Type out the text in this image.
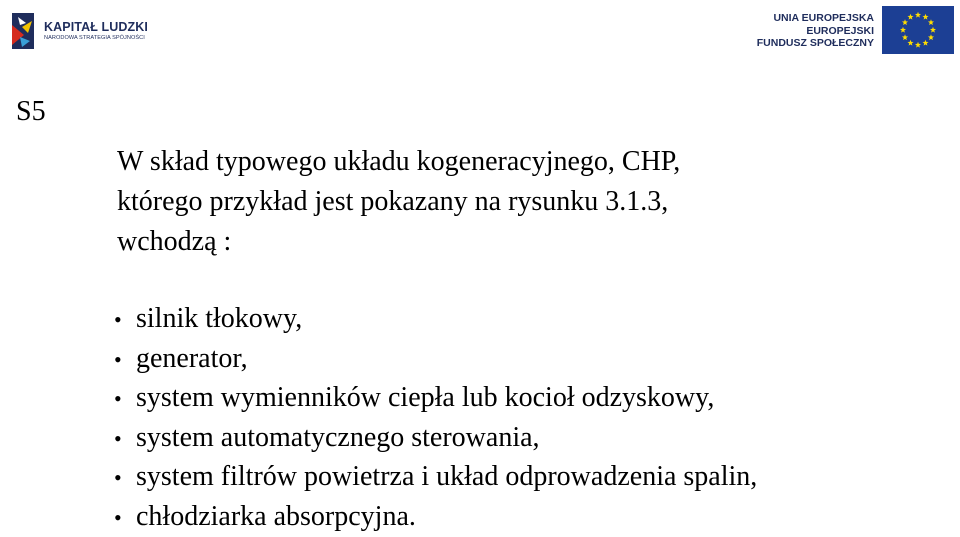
KAPITAŁ LUDZKI
NARODOWA STRATEGIA SPÓJNOŚCI
UNIA EUROPEJSKA
EUROPEJSKI
FUNDUSZ SPOŁECZNY
S5

W skład typowego układu kogeneracyjnego, CHP,
którego przykład jest pokazany na rysunku 3.1.3,
wchodzą :

• silnik tłokowy,
• generator,
• system wymienników ciepła lub kocioł odzyskowy,
• system automatycznego sterowania,
• system filtrów powietrza i układ odprowadzenia spalin,
• chłodziarka absorpcyjna.
